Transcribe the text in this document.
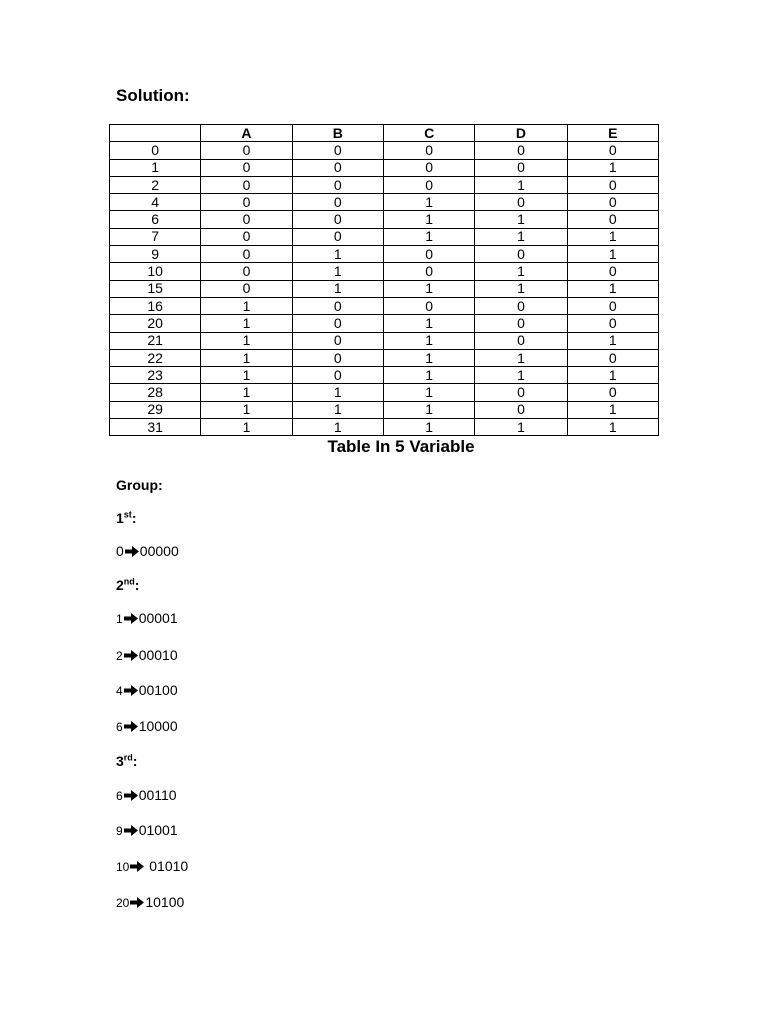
Solution:
	A	B	C	D	E
0	0	0	0	0	0
1	0	0	0	0	1
2	0	0	0	1	0
4	0	0	1	0	0
6	0	0	1	1	0
7	0	0	1	1	1
9	0	1	0	0	1
10	0	1	0	1	0
15	0	1	1	1	1
16	1	0	0	0	0
20	1	0	1	0	0
21	1	0	1	0	1
22	1	0	1	1	0
23	1	0	1	1	1
28	1	1	1	0	0
29	1	1	1	0	1
31	1	1	1	1	1
Table In 5 Variable
Group:
1st:
0 00000
2nd:
1 00001
2 00010
4 00100
6 10000
3rd:
6 00110
9 01001
10 01010
20 10100
